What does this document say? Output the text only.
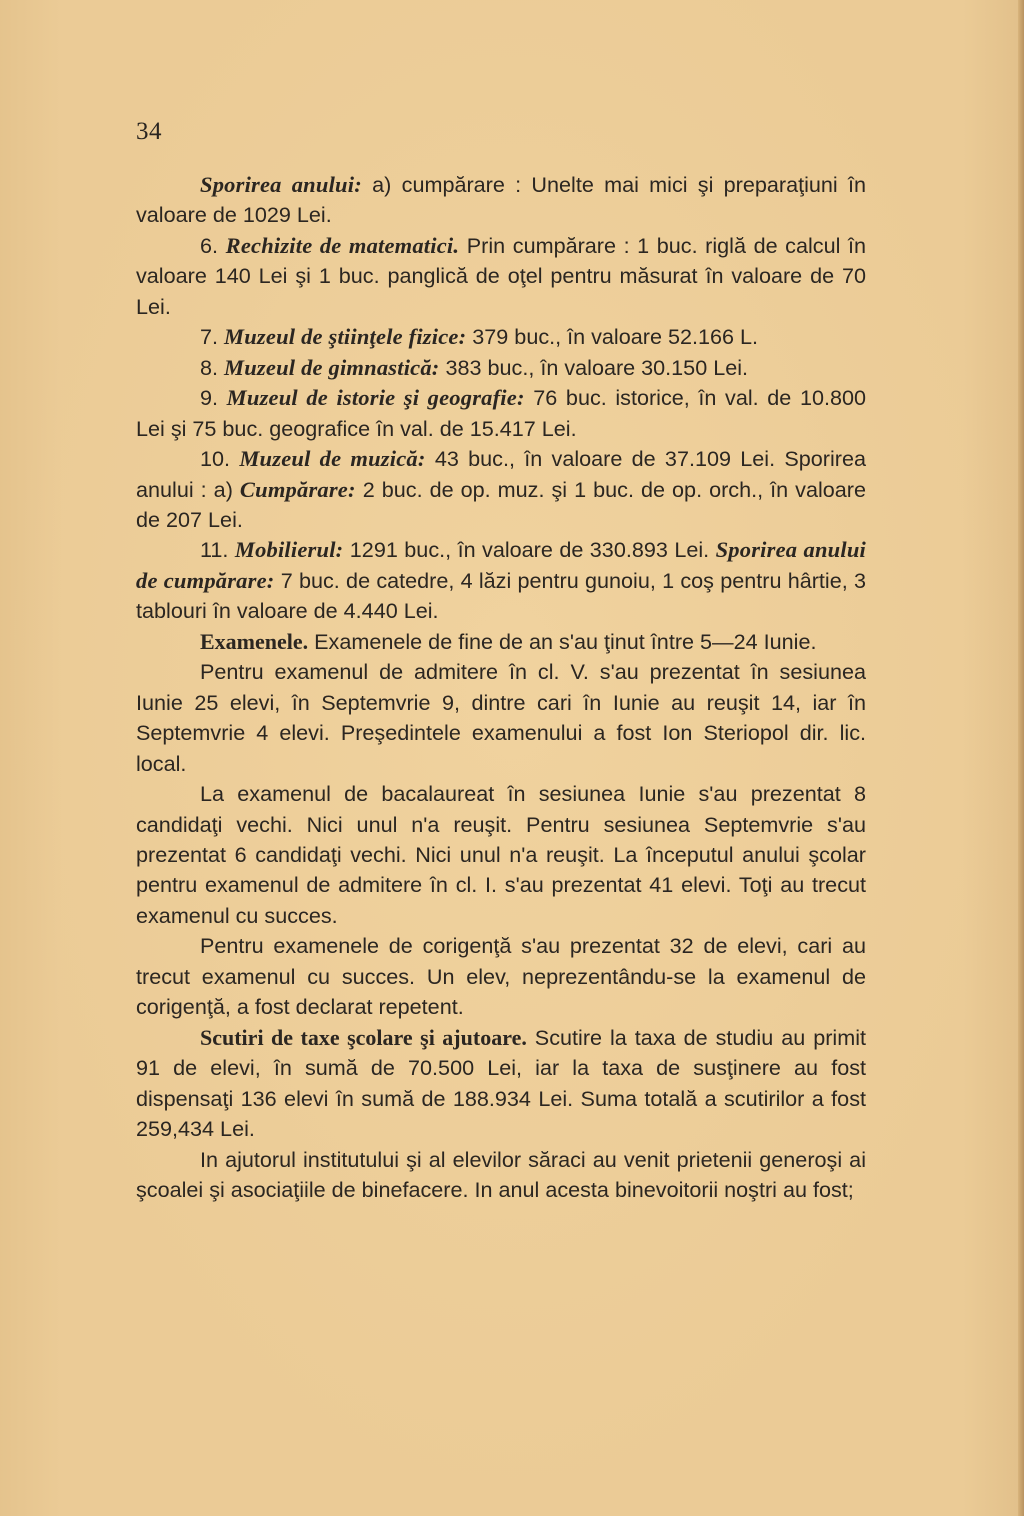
34

Sporirea anului: a) cumpărare : Unelte mai mici şi preparaţiuni în valoare de 1029 Lei.

6. Rechizite de matematici. Prin cumpărare : 1 buc. riglă de calcul în valoare 140 Lei şi 1 buc. panglică de oţel pentru măsurat în valoare de 70 Lei.

7. Muzeul de ştiinţele fizice: 379 buc., în valoare 52.166 L.

8. Muzeul de gimnastică: 383 buc., în valoare 30.150 Lei.

9. Muzeul de istorie şi geografie: 76 buc. istorice, în val. de 10.800 Lei şi 75 buc. geografice în val. de 15.417 Lei.

10. Muzeul de muzică: 43 buc., în valoare de 37.109 Lei. Sporirea anului : a) Cumpărare: 2 buc. de op. muz. şi 1 buc. de op. orch., în valoare de 207 Lei.

11. Mobilierul: 1291 buc., în valoare de 330.893 Lei. Sporirea anului de cumpărare: 7 buc. de catedre, 4 lăzi pentru gunoiu, 1 coş pentru hârtie, 3 tablouri în valoare de 4.440 Lei.

Examenele. Examenele de fine de an s'au ţinut între 5—24 Iunie.

Pentru examenul de admitere în cl. V. s'au prezentat în sesiunea Iunie 25 elevi, în Septemvrie 9, dintre cari în Iunie au reuşit 14, iar în Septemvrie 4 elevi. Preşedintele examenului a fost Ion Steriopol dir. lic. local.

La examenul de bacalaureat în sesiunea Iunie s'au prezentat 8 candidaţi vechi. Nici unul n'a reuşit. Pentru sesiunea Septemvrie s'au prezentat 6 candidaţi vechi. Nici unul n'a reuşit. La începutul anului şcolar pentru examenul de admitere în cl. I. s'au prezentat 41 elevi. Toţi au trecut examenul cu succes.

Pentru examenele de corigenţă s'au prezentat 32 de elevi, cari au trecut examenul cu succes. Un elev, neprezentându-se la examenul de corigenţă, a fost declarat repetent.

Scutiri de taxe şcolare şi ajutoare. Scutire la taxa de studiu au primit 91 de elevi, în sumă de 70.500 Lei, iar la taxa de susţinere au fost dispensaţi 136 elevi în sumă de 188.934 Lei. Suma totală a scutirilor a fost 259,434 Lei.

In ajutorul institutului şi al elevilor săraci au venit prietenii generoşi ai şcoalei şi asociaţiile de binefacere. In anul acesta binevoitorii noştri au fost;
